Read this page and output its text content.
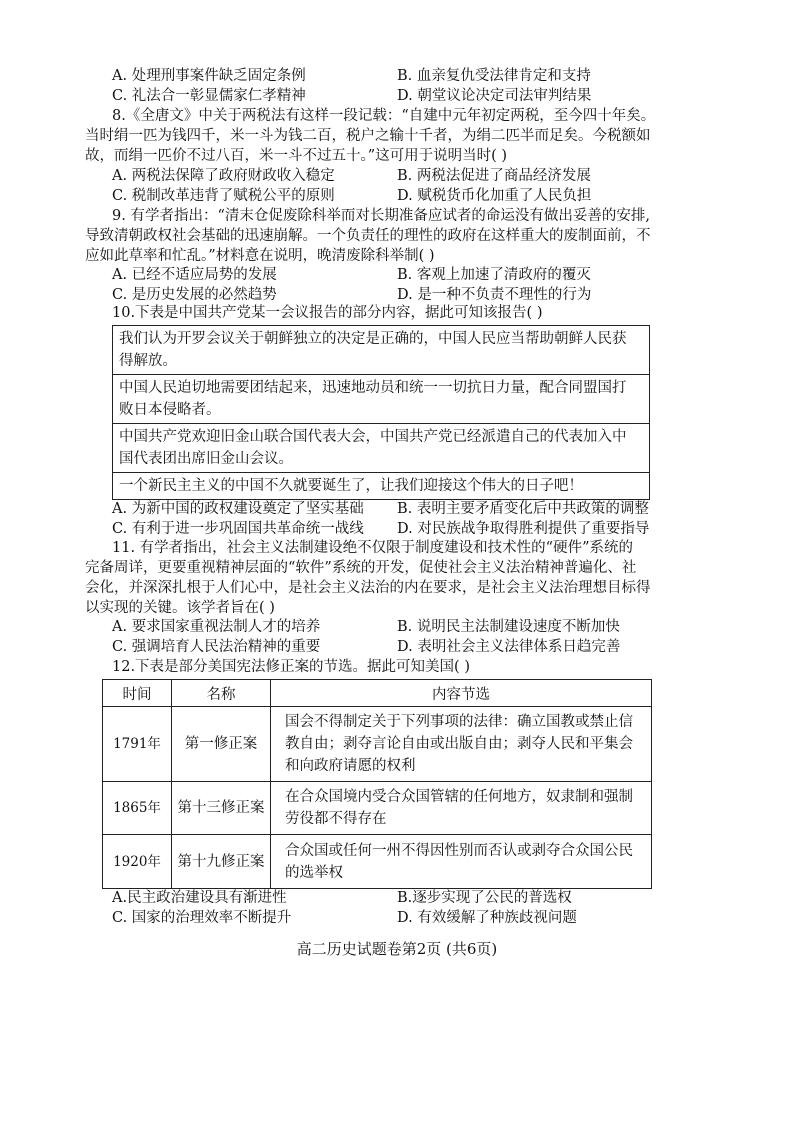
A. 处理刑事案件缺乏固定条例	B. 血亲复仇受法律肯定和支持
C. 礼法合一彰显儒家仁孝精神	D. 朝堂议论决定司法审判结果
8.《全唐文》中关于两税法有这样一段记载：“自建中元年初定两税，至今四十年矣。
当时绢一匹为钱四千，米一斗为钱二百，税户之输十千者，为绢二匹半而足矣。今税额如
故，而绢一匹价不过八百，米一斗不过五十。”这可用于说明当时( )
A. 两税法保障了政府财政收入稳定	B. 两税法促进了商品经济发展
C. 税制改革违背了赋税公平的原则	D. 赋税货币化加重了人民负担
9. 有学者指出：“清末仓促废除科举而对长期准备应试者的命运没有做出妥善的安排,
导致清朝政权社会基础的迅速崩解。一个负责任的理性的政府在这样重大的废制面前，不
应如此草率和忙乱。”材料意在说明，晚清废除科举制( )
A. 已经不适应局势的发展	B. 客观上加速了清政府的覆灭
C. 是历史发展的必然趋势	D. 是一种不负责不理性的行为
10.下表是中国共产党某一会议报告的部分内容，据此可知该报告( )
我们认为开罗会议关于朝鲜独立的决定是正确的，中国人民应当帮助朝鲜人民获
得解放。
中国人民迫切地需要团结起来，迅速地动员和统一一切抗日力量，配合同盟国打
败日本侵略者。
中国共产党欢迎旧金山联合国代表大会，中国共产党已经派遣自己的代表加入中
国代表团出席旧金山会议。
一个新民主主义的中国不久就要诞生了，让我们迎接这个伟大的日子吧！
A. 为新中国的政权建设奠定了坚实基础 B. 表明主要矛盾变化后中共政策的调整
C. 有利于进一步巩固国共革命统一战线 D. 对民族战争取得胜利提供了重要指导
11. 有学者指出，社会主义法制建设绝不仅限于制度建设和技术性的“硬件”系统的
完备周详，更要重视精神层面的“软件”系统的开发，促使社会主义法治精神普遍化、社
会化，并深深扎根于人们心中，是社会主义法治的内在要求，是社会主义法治理想目标得
以实现的关键。该学者旨在( )
A. 要求国家重视法制人才的培养	B. 说明民主法制建设速度不断加快
C. 强调培育人民法治精神的重要	D. 表明社会主义法律体系日趋完善
12.下表是部分美国宪法修正案的节选。据此可知美国( )
时间	名称	内容节选
1791年	第一修正案	国会不得制定关于下列事项的法律：确立国教或禁止信教自由；剥夺言论自由或出版自由；剥夺人民和平集会和向政府请愿的权利
1865年	第十三修正案	在合众国境内受合众国管辖的任何地方，奴隶制和强制劳役都不得存在
1920年	第十九修正案	合众国或任何一州不得因性别而否认或剥夺合众国公民的选举权
A.民主政治建设具有渐进性	B.逐步实现了公民的普选权
C. 国家的治理效率不断提升	D. 有效缓解了种族歧视问题
高二历史试题卷第2页 (共6页)
